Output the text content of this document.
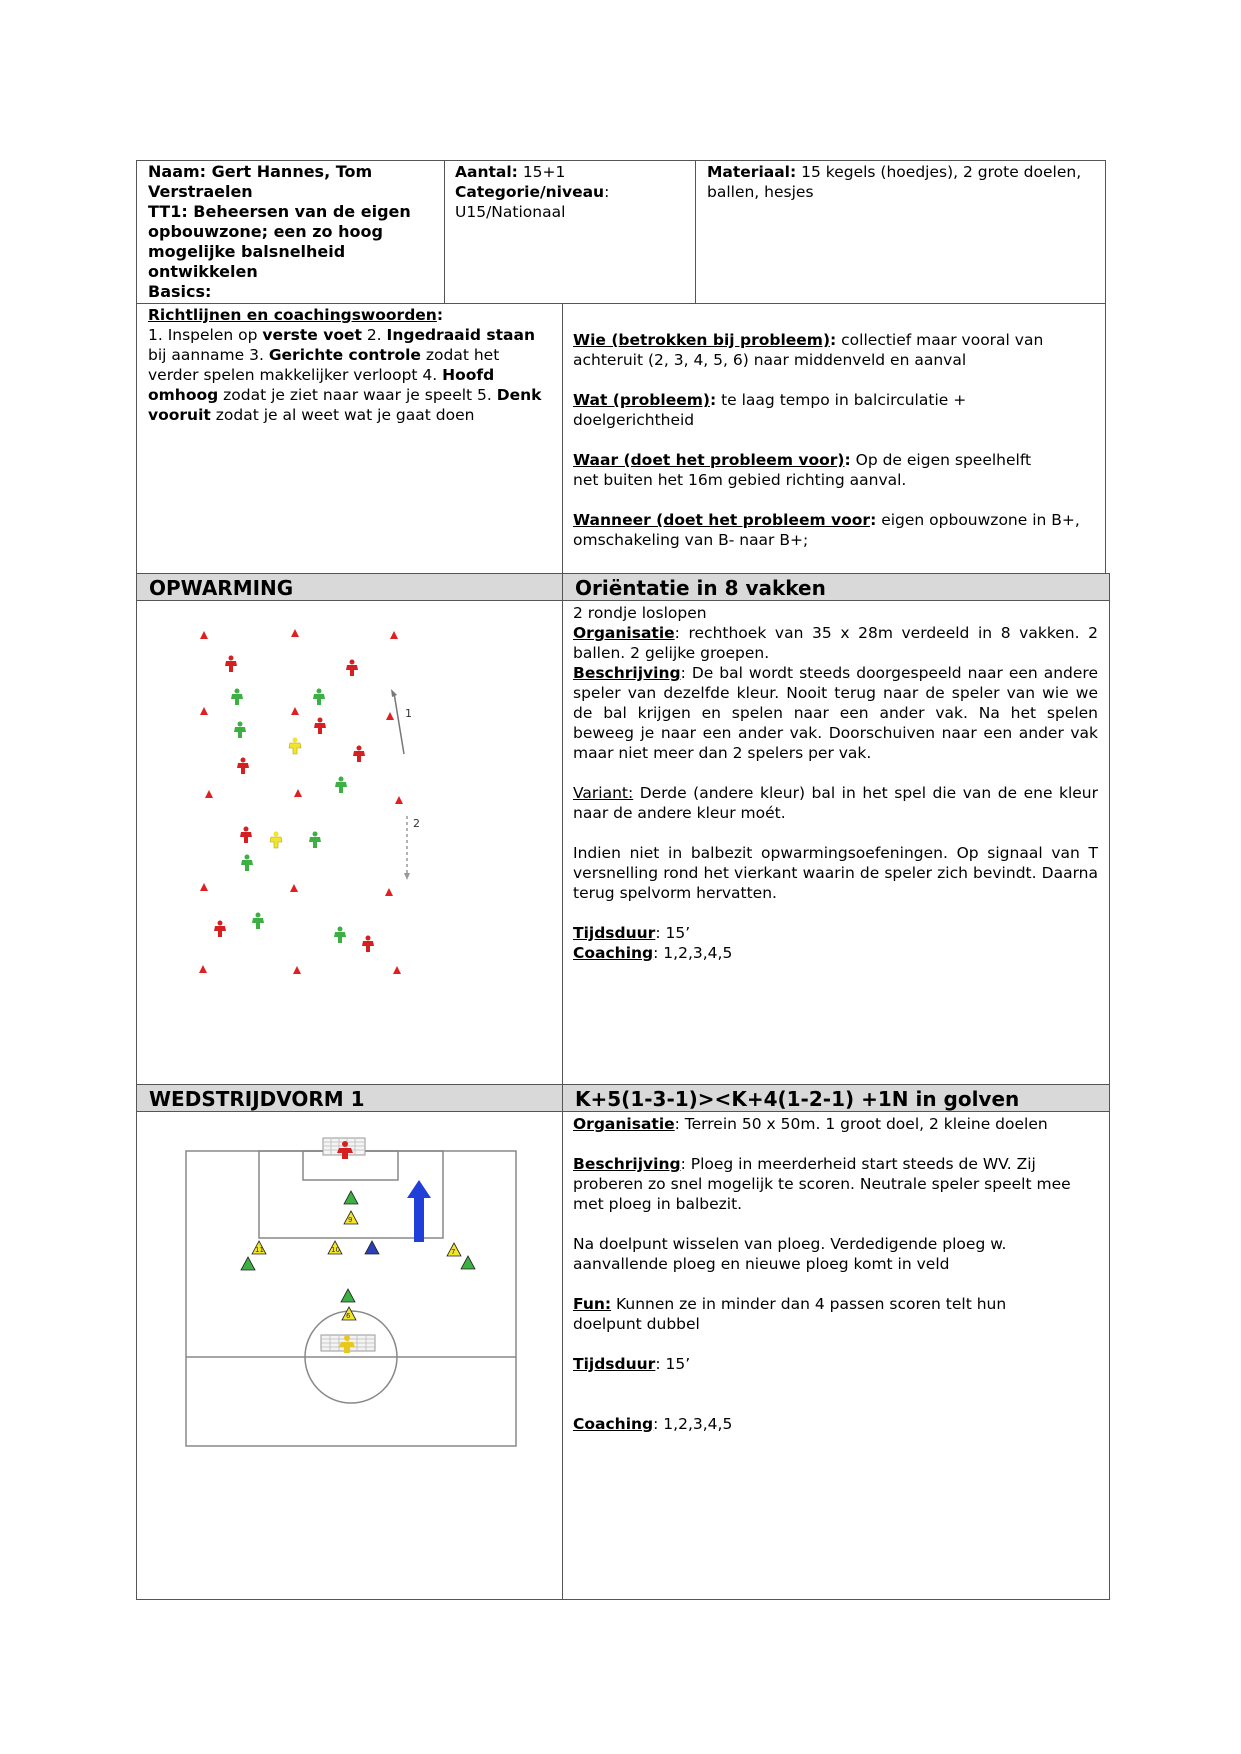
Naam: Gert Hannes, Tom Verstraelen

TT1: Beheersen van de eigen opbouwzone; een zo hoog mogelijke balsnelheid ontwikkelen

Basics:

Aantal: 15+1

Categorie/niveau:

U15/Nationaal

Materiaal: 15 kegels (hoedjes), 2 grote doelen, ballen, hesjes

Richtlijnen en coachingswoorden:

1. Inspelen op verste voet 2. Ingedraaid staan bij aanname 3. Gerichte controle zodat het verder spelen makkelijker verloopt 4. Hoofd omhoog zodat je ziet naar waar je speelt 5. Denk vooruit zodat je al weet wat je gaat doen

Wie (betrokken bij probleem): collectief maar vooral van achteruit (2, 3, 4, 5, 6) naar middenveld en aanval

Wat (probleem): te laag tempo in balcirculatie +

doelgerichtheid

Waar (doet het probleem voor): Op de eigen speelhelft

net buiten het 16m gebied richting aanval.

Wanneer (doet het probleem voor: eigen opbouwzone in B+, omschakeling van B- naar B+;

OPWARMING	Oriëntatie in 8 vakken
1
2

2 rondje loslopen

Organisatie: rechthoek van 35 x 28m verdeeld in 8 vakken. 2 ballen. 2 gelijke groepen.

Beschrijving: De bal wordt steeds doorgespeeld naar een andere speler van dezelfde kleur. Nooit terug naar de speler van wie we de bal krijgen en spelen naar een ander vak. Na het spelen beweeg je naar een ander vak. Doorschuiven naar een ander vak maar niet meer dan 2 spelers per vak.

Variant: Derde (andere kleur) bal in het spel die van de ene kleur naar de andere kleur moét.

Indien niet in balbezit opwarmingsoefeningen. Op signaal van T versnelling rond het vierkant waarin de speler zich bevindt. Daarna terug spelvorm hervatten.

Tijdsduur: 15’

Coaching: 1,2,3,4,5

WEDSTRIJDVORM 1	K+5(1-3-1)><K+4(1-2-1) +1N in golven
9
11	10	7
6

Organisatie: Terrein 50 x 50m. 1 groot doel, 2 kleine doelen

Beschrijving: Ploeg in meerderheid start steeds de WV. Zij proberen zo snel mogelijk te scoren. Neutrale speler speelt mee met ploeg in balbezit.

Na doelpunt wisselen van ploeg. Verdedigende ploeg w. aanvallende ploeg en nieuwe ploeg komt in veld

Fun: Kunnen ze in minder dan 4 passen scoren telt hun

doelpunt dubbel

Tijdsduur: 15’

Coaching: 1,2,3,4,5
